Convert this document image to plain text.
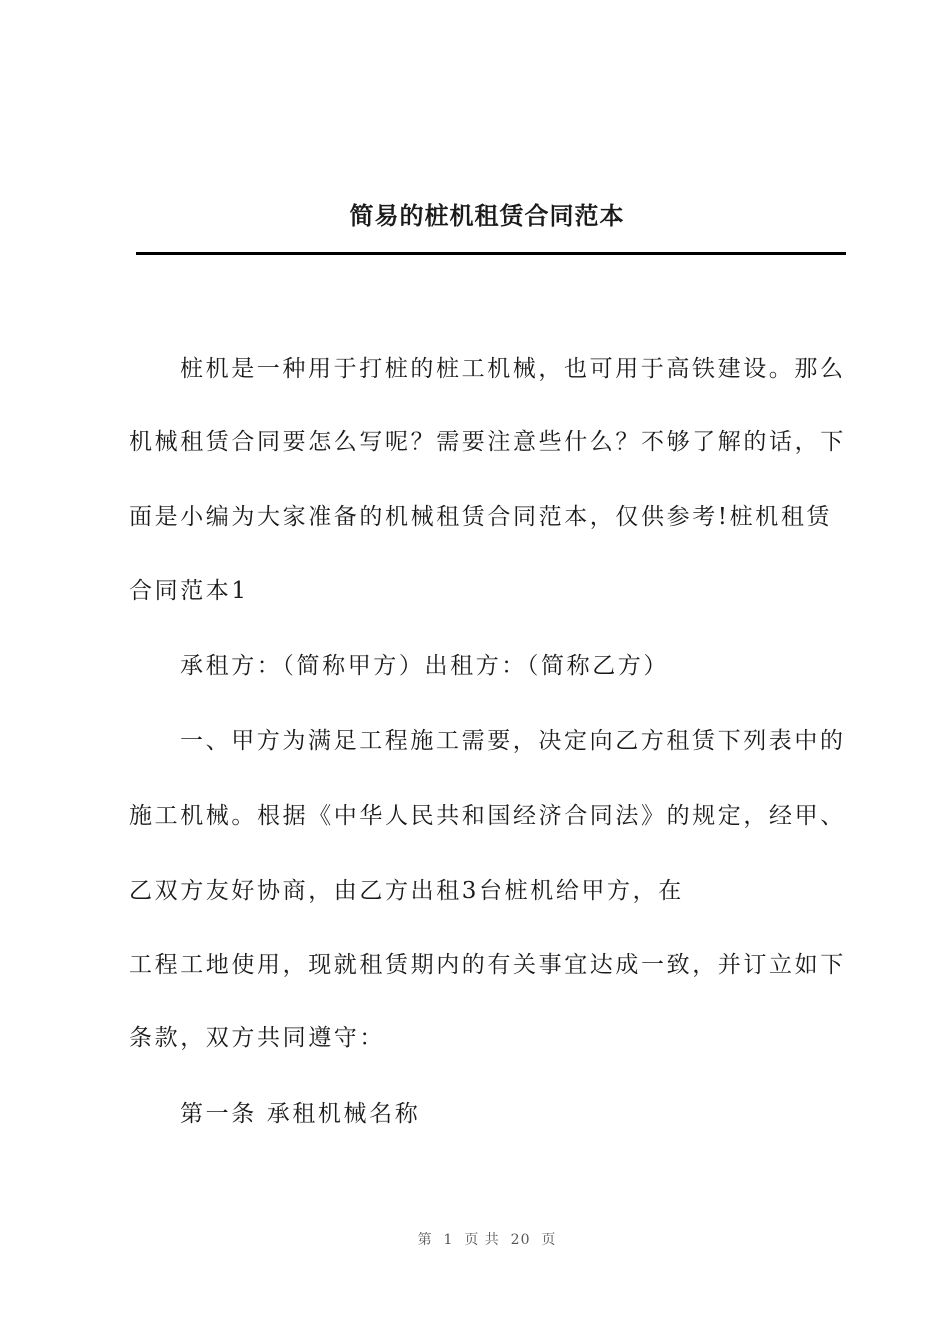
简易的桩机租赁合同范本

桩机是一种用于打桩的桩工机械，也可用于高铁建设。那么

机械租赁合同要怎么写呢？需要注意些什么？不够了解的话，下

面是小编为大家准备的机械租赁合同范本，仅供参考!桩机租赁

合同范本1

承租方：（简称甲方）出租方：（简称乙方）

一、甲方为满足工程施工需要，决定向乙方租赁下列表中的

施工机械。根据《中华人民共和国经济合同法》的规定，经甲、

乙双方友好协商，由乙方出租3台桩机给甲方，在

工程工地使用，现就租赁期内的有关事宜达成一致，并订立如下

条款，双方共同遵守：

第一条 承租机械名称

第  1  页 共  20  页
